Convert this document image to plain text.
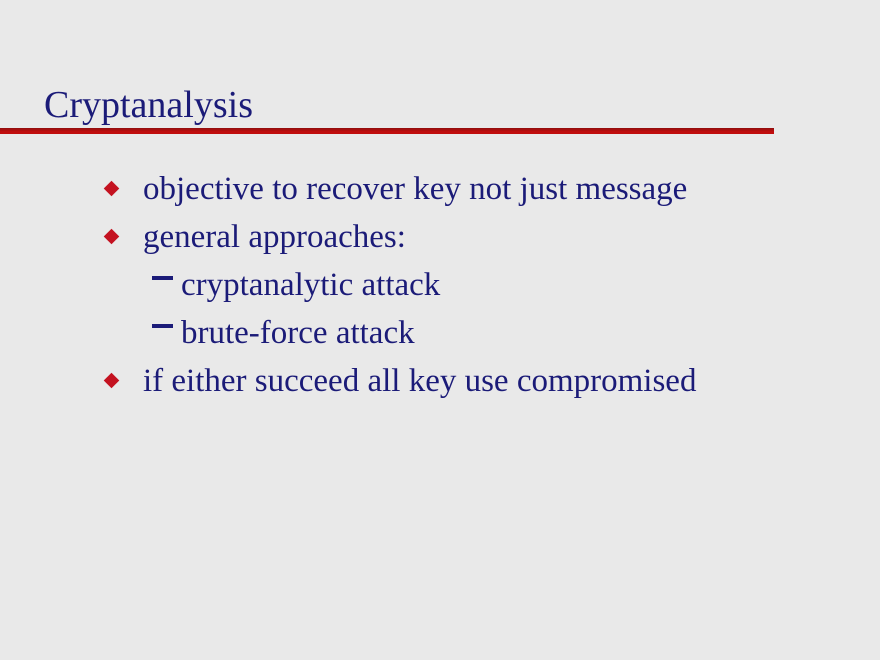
Cryptanalysis
objective to recover key not just message
general approaches:
cryptanalytic attack
brute-force attack
if either succeed all key use compromised
